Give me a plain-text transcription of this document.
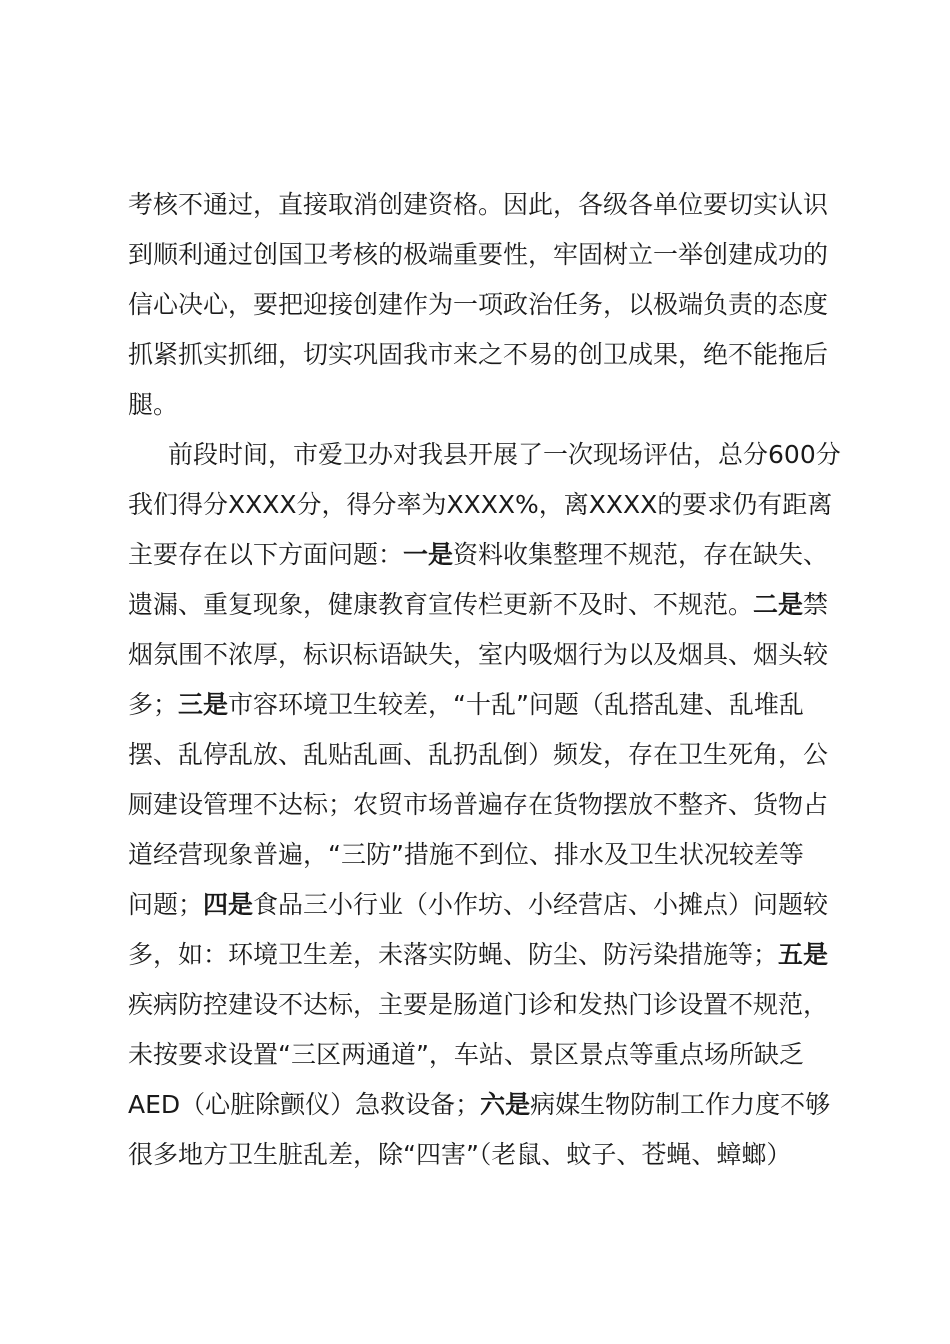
考核不通过，直接取消创建资格。因此，各级各单位要切实认识
到顺利通过创国卫考核的极端重要性，牢固树立一举创建成功的
信心决心，要把迎接创建作为一项政治任务，以极端负责的态度
抓紧抓实抓细，切实巩固我市来之不易的创卫成果，绝不能拖后
腿。
前段时间，市爱卫办对我县开展了一次现场评估，总分600分
我们得分XXXX分，得分率为XXXX%，离XXXX的要求仍有距离
主要存在以下方面问题：一是资料收集整理不规范，存在缺失、
遗漏、重复现象，健康教育宣传栏更新不及时、不规范。二是禁
烟氛围不浓厚，标识标语缺失，室内吸烟行为以及烟具、烟头较
多；三是市容环境卫生较差，“十乱”问题（乱搭乱建、乱堆乱
摆、乱停乱放、乱贴乱画、乱扔乱倒）频发，存在卫生死角，公
厕建设管理不达标；农贸市场普遍存在货物摆放不整齐、货物占
道经营现象普遍，“三防”措施不到位、排水及卫生状况较差等
问题；四是食品三小行业（小作坊、小经营店、小摊点）问题较
多，如：环境卫生差，未落实防蝇、防尘、防污染措施等；五是
疾病防控建设不达标，主要是肠道门诊和发热门诊设置不规范，
未按要求设置“三区两通道”，车站、景区景点等重点场所缺乏
AED（心脏除颤仪）急救设备；六是病媒生物防制工作力度不够
很多地方卫生脏乱差，除“四害”（老鼠、蚊子、苍蝇、蟑螂）
